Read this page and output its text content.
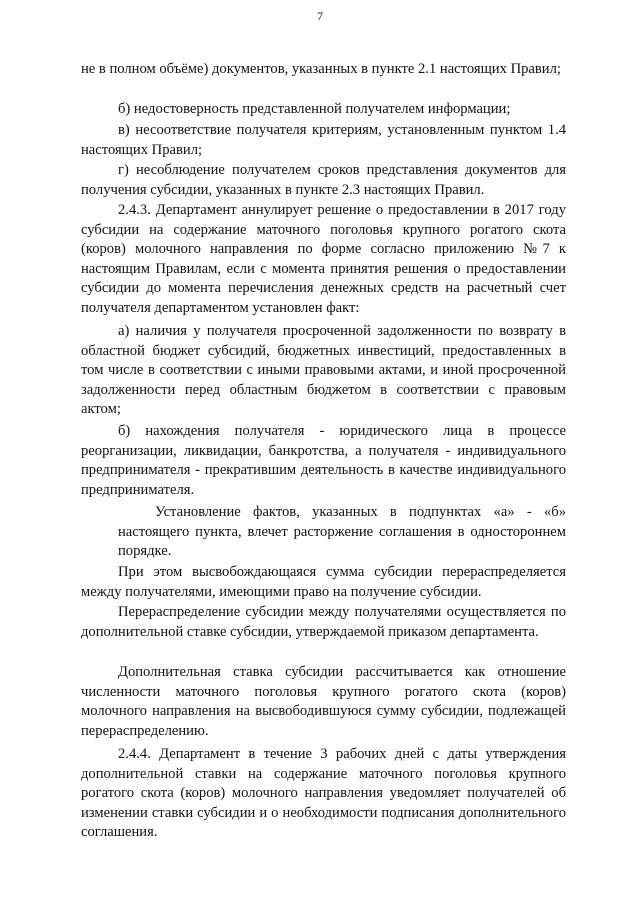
7

не в полном объёме) документов, указанных в пункте 2.1 настоящих Правил;

б) недостоверность представленной получателем информации;

в) несоответствие получателя критериям, установленным пунктом 1.4 настоящих Правил;

г) несоблюдение получателем сроков представления документов для получения субсидии, указанных в пункте 2.3 настоящих Правил.

2.4.3. Департамент аннулирует решение о предоставлении в 2017 году субсидии на содержание маточного поголовья крупного рогатого скота (коров) молочного направления по форме согласно приложению №7 к настоящим Правилам, если с момента принятия решения о предоставлении субсидии до момента перечисления денежных средств на расчетный счет получателя департаментом установлен факт:

а) наличия у получателя просроченной задолженности по возврату в областной бюджет субсидий, бюджетных инвестиций, предоставленных в том числе в соответствии с иными правовыми актами, и иной просроченной задолженности перед областным бюджетом в соответствии с правовым актом;

б) нахождения получателя - юридического лица в процессе реорганизации, ликвидации, банкротства, а получателя - индивидуального предпринимателя - прекратившим деятельность в качестве индивидуального предпринимателя.

Установление фактов, указанных в подпунктах «а» - «б» настоящего пункта, влечет расторжение соглашения в одностороннем порядке.

При этом высвобождающаяся сумма субсидии перераспределяется между получателями, имеющими право на получение субсидии.

Перераспределение субсидии между получателями осуществляется по дополнительной ставке субсидии, утверждаемой приказом департамента.

Дополнительная ставка субсидии рассчитывается как отношение численности маточного поголовья крупного рогатого скота (коров) молочного направления на высвободившуюся сумму субсидии, подлежащей перераспределению.

2.4.4. Департамент в течение 3 рабочих дней с даты утверждения дополнительной ставки на содержание маточного поголовья крупного рогатого скота (коров) молочного направления уведомляет получателей об изменении ставки субсидии и о необходимости подписания дополнительного соглашения.
